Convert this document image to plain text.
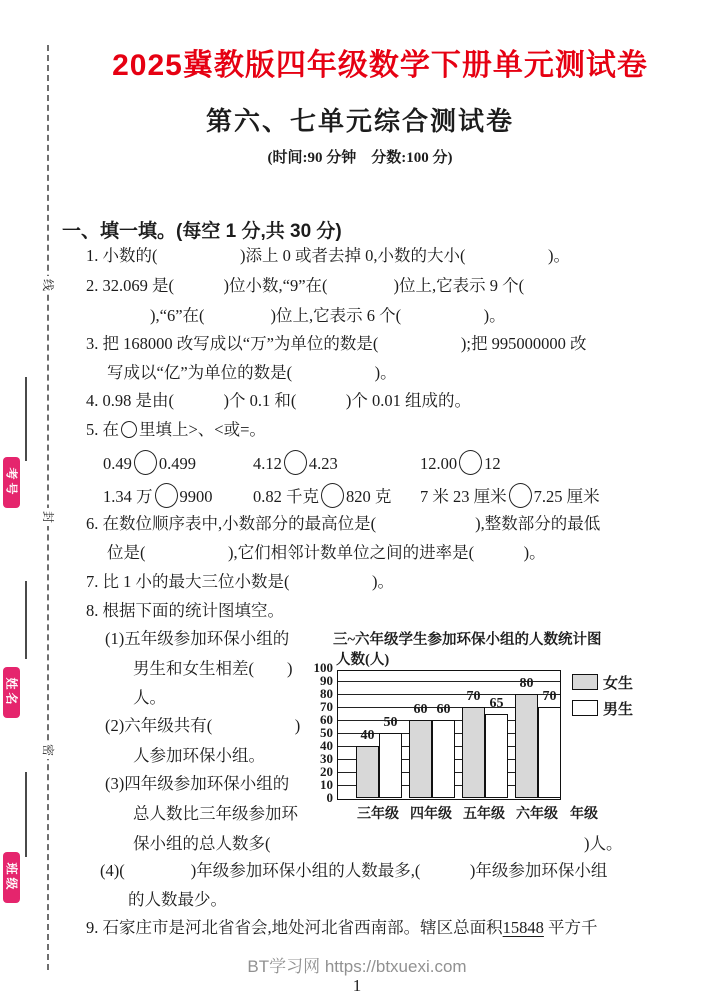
线
封
密
考号
姓名
班级
2025冀教版四年级数学下册单元测试卷
第六、七单元综合测试卷
(时间:90 分钟　分数:100 分)
一、填一填。(每空 1 分,共 30 分)
1. 小数的(　　　　　)添上 0 或者去掉 0,小数的大小(　　　　　)。
2. 32.069 是(　　　)位小数,“9”在(　　　　)位上,它表示 9 个(
),“6”在(　　　　)位上,它表示 6 个(　　　　　)。
3. 把 168000 改写成以“万”为单位的数是(　　　　　);把 995000000 改
写成以“亿”为单位的数是(　　　　　)。
4. 0.98 是由(　　　)个 0.1 和(　　　)个 0.01 组成的。
5. 在 里填上>、<或=。
0.49 0.499	4.12 4.23	12.00 12
1.34 万 9900 0.82 千克 820 克 7 米 23 厘米 7.25 厘米
6. 在数位顺序表中,小数部分的最高位是(　　　　　　),整数部分的最低
位是(　　　　　),它们相邻计数单位之间的进率是(　　　)。
7. 比 1 小的最大三位小数是(　　　　　)。
8. 根据下面的统计图填空。
(1)五年级参加环保小组的
男生和女生相差(　　)
人。
(2)六年级共有(　　　　　)
人参加环保小组。
(3)四年级参加环保小组的
总人数比三年级参加环
保小组的总人数多(　　　　　　　　　　　　　　　　　　　)人。
(4)(　　　　)年级参加环保小组的人数最多,(　　　)年级参加环保小组
的人数最少。
9. 石家庄市是河北省省会,地处河北省西南部。辖区总面积15848 平方千
三~六年级学生参加环保小组的人数统计图
人数(人)
40
50
60 60
70 65
80
70
0
10
20
30
40
50
60
70
80
90
100
三年级 四年级 五年级 六年级 年级
女生
男生
BT学习网 https://btxuexi.com
1
